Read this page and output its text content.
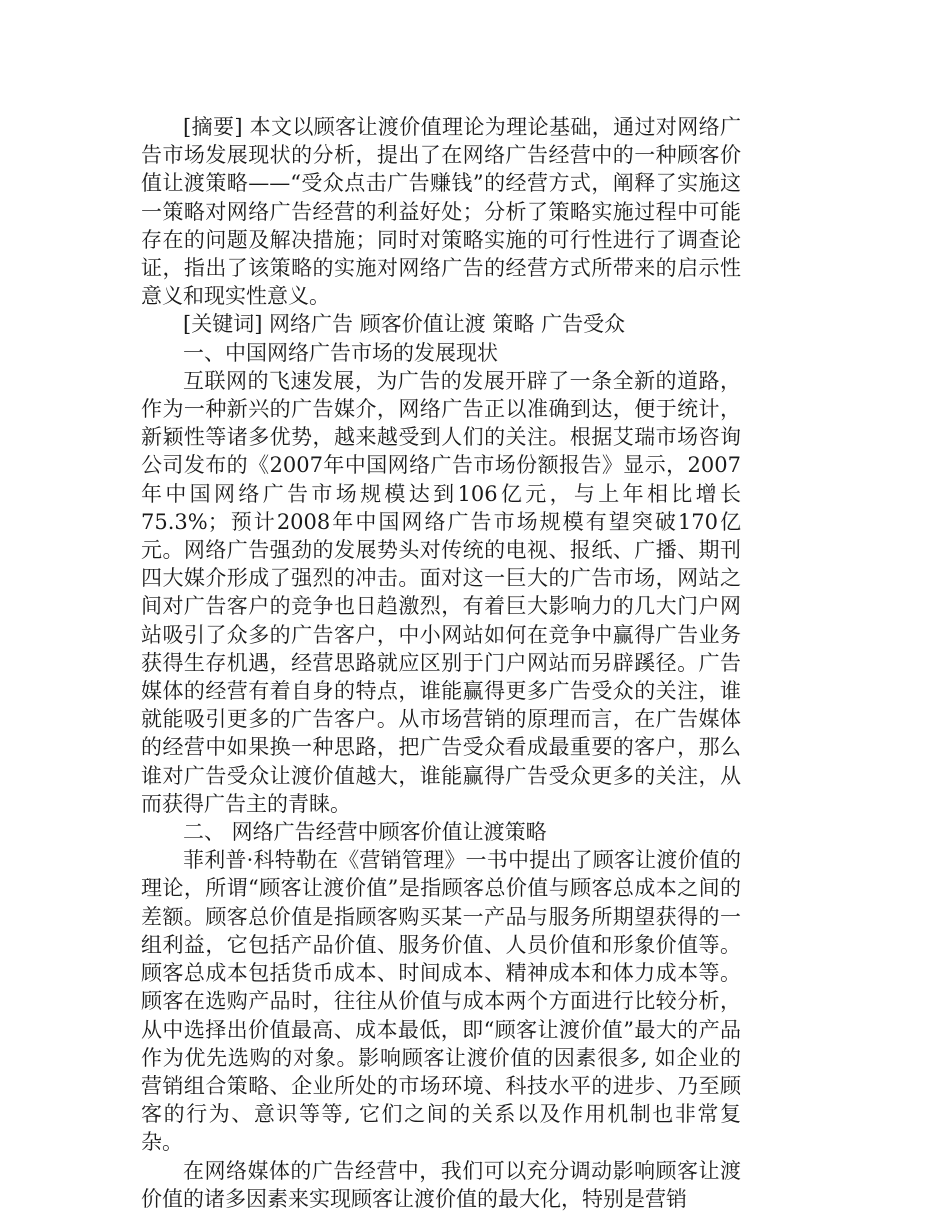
[摘要] 本文以顾客让渡价值理论为理论基础，通过对网络广告市场发展现状的分析，提出了在网络广告经营中的一种顾客价值让渡策略——“受众点击广告赚钱”的经营方式，阐释了实施这一策略对网络广告经营的利益好处；分析了策略实施过程中可能存在的问题及解决措施；同时对策略实施的可行性进行了调查论证，指出了该策略的实施对网络广告的经营方式所带来的启示性意义和现实性意义。

[关键词] 网络广告 顾客价值让渡 策略 广告受众

一、中国网络广告市场的发展现状

互联网的飞速发展，为广告的发展开辟了一条全新的道路，作为一种新兴的广告媒介，网络广告正以准确到达，便于统计，新颖性等诸多优势，越来越受到人们的关注。根据艾瑞市场咨询公司发布的《2007年中国网络广告市场份额报告》显示，2007年中国网络广告市场规模达到106亿元，与上年相比增长75.3%；预计2008年中国网络广告市场规模有望突破170亿元。网络广告强劲的发展势头对传统的电视、报纸、广播、期刊四大媒介形成了强烈的冲击。面对这一巨大的广告市场，网站之间对广告客户的竞争也日趋激烈，有着巨大影响力的几大门户网站吸引了众多的广告客户，中小网站如何在竞争中赢得广告业务获得生存机遇，经营思路就应区别于门户网站而另辟蹊径。广告媒体的经营有着自身的特点，谁能赢得更多广告受众的关注，谁就能吸引更多的广告客户。从市场营销的原理而言，在广告媒体的经营中如果换一种思路，把广告受众看成最重要的客户，那么谁对广告受众让渡价值越大，谁能赢得广告受众更多的关注，从而获得广告主的青睐。

二、 网络广告经营中顾客价值让渡策略

菲利普·科特勒在《营销管理》一书中提出了顾客让渡价值的理论，所谓“顾客让渡价值”是指顾客总价值与顾客总成本之间的差额。顾客总价值是指顾客购买某一产品与服务所期望获得的一组利益，它包括产品价值、服务价值、人员价值和形象价值等。顾客总成本包括货币成本、时间成本、精神成本和体力成本等。顾客在选购产品时，往往从价值与成本两个方面进行比较分析，从中选择出价值最高、成本最低，即“顾客让渡价值”最大的产品作为优先选购的对象。影响顾客让渡价值的因素很多, 如企业的营销组合策略、企业所处的市场环境、科技水平的进步、乃至顾客的行为、意识等等, 它们之间的关系以及作用机制也非常复杂。

在网络媒体的广告经营中，我们可以充分调动影响顾客让渡价值的诸多因素来实现顾客让渡价值的最大化，特别是营销
